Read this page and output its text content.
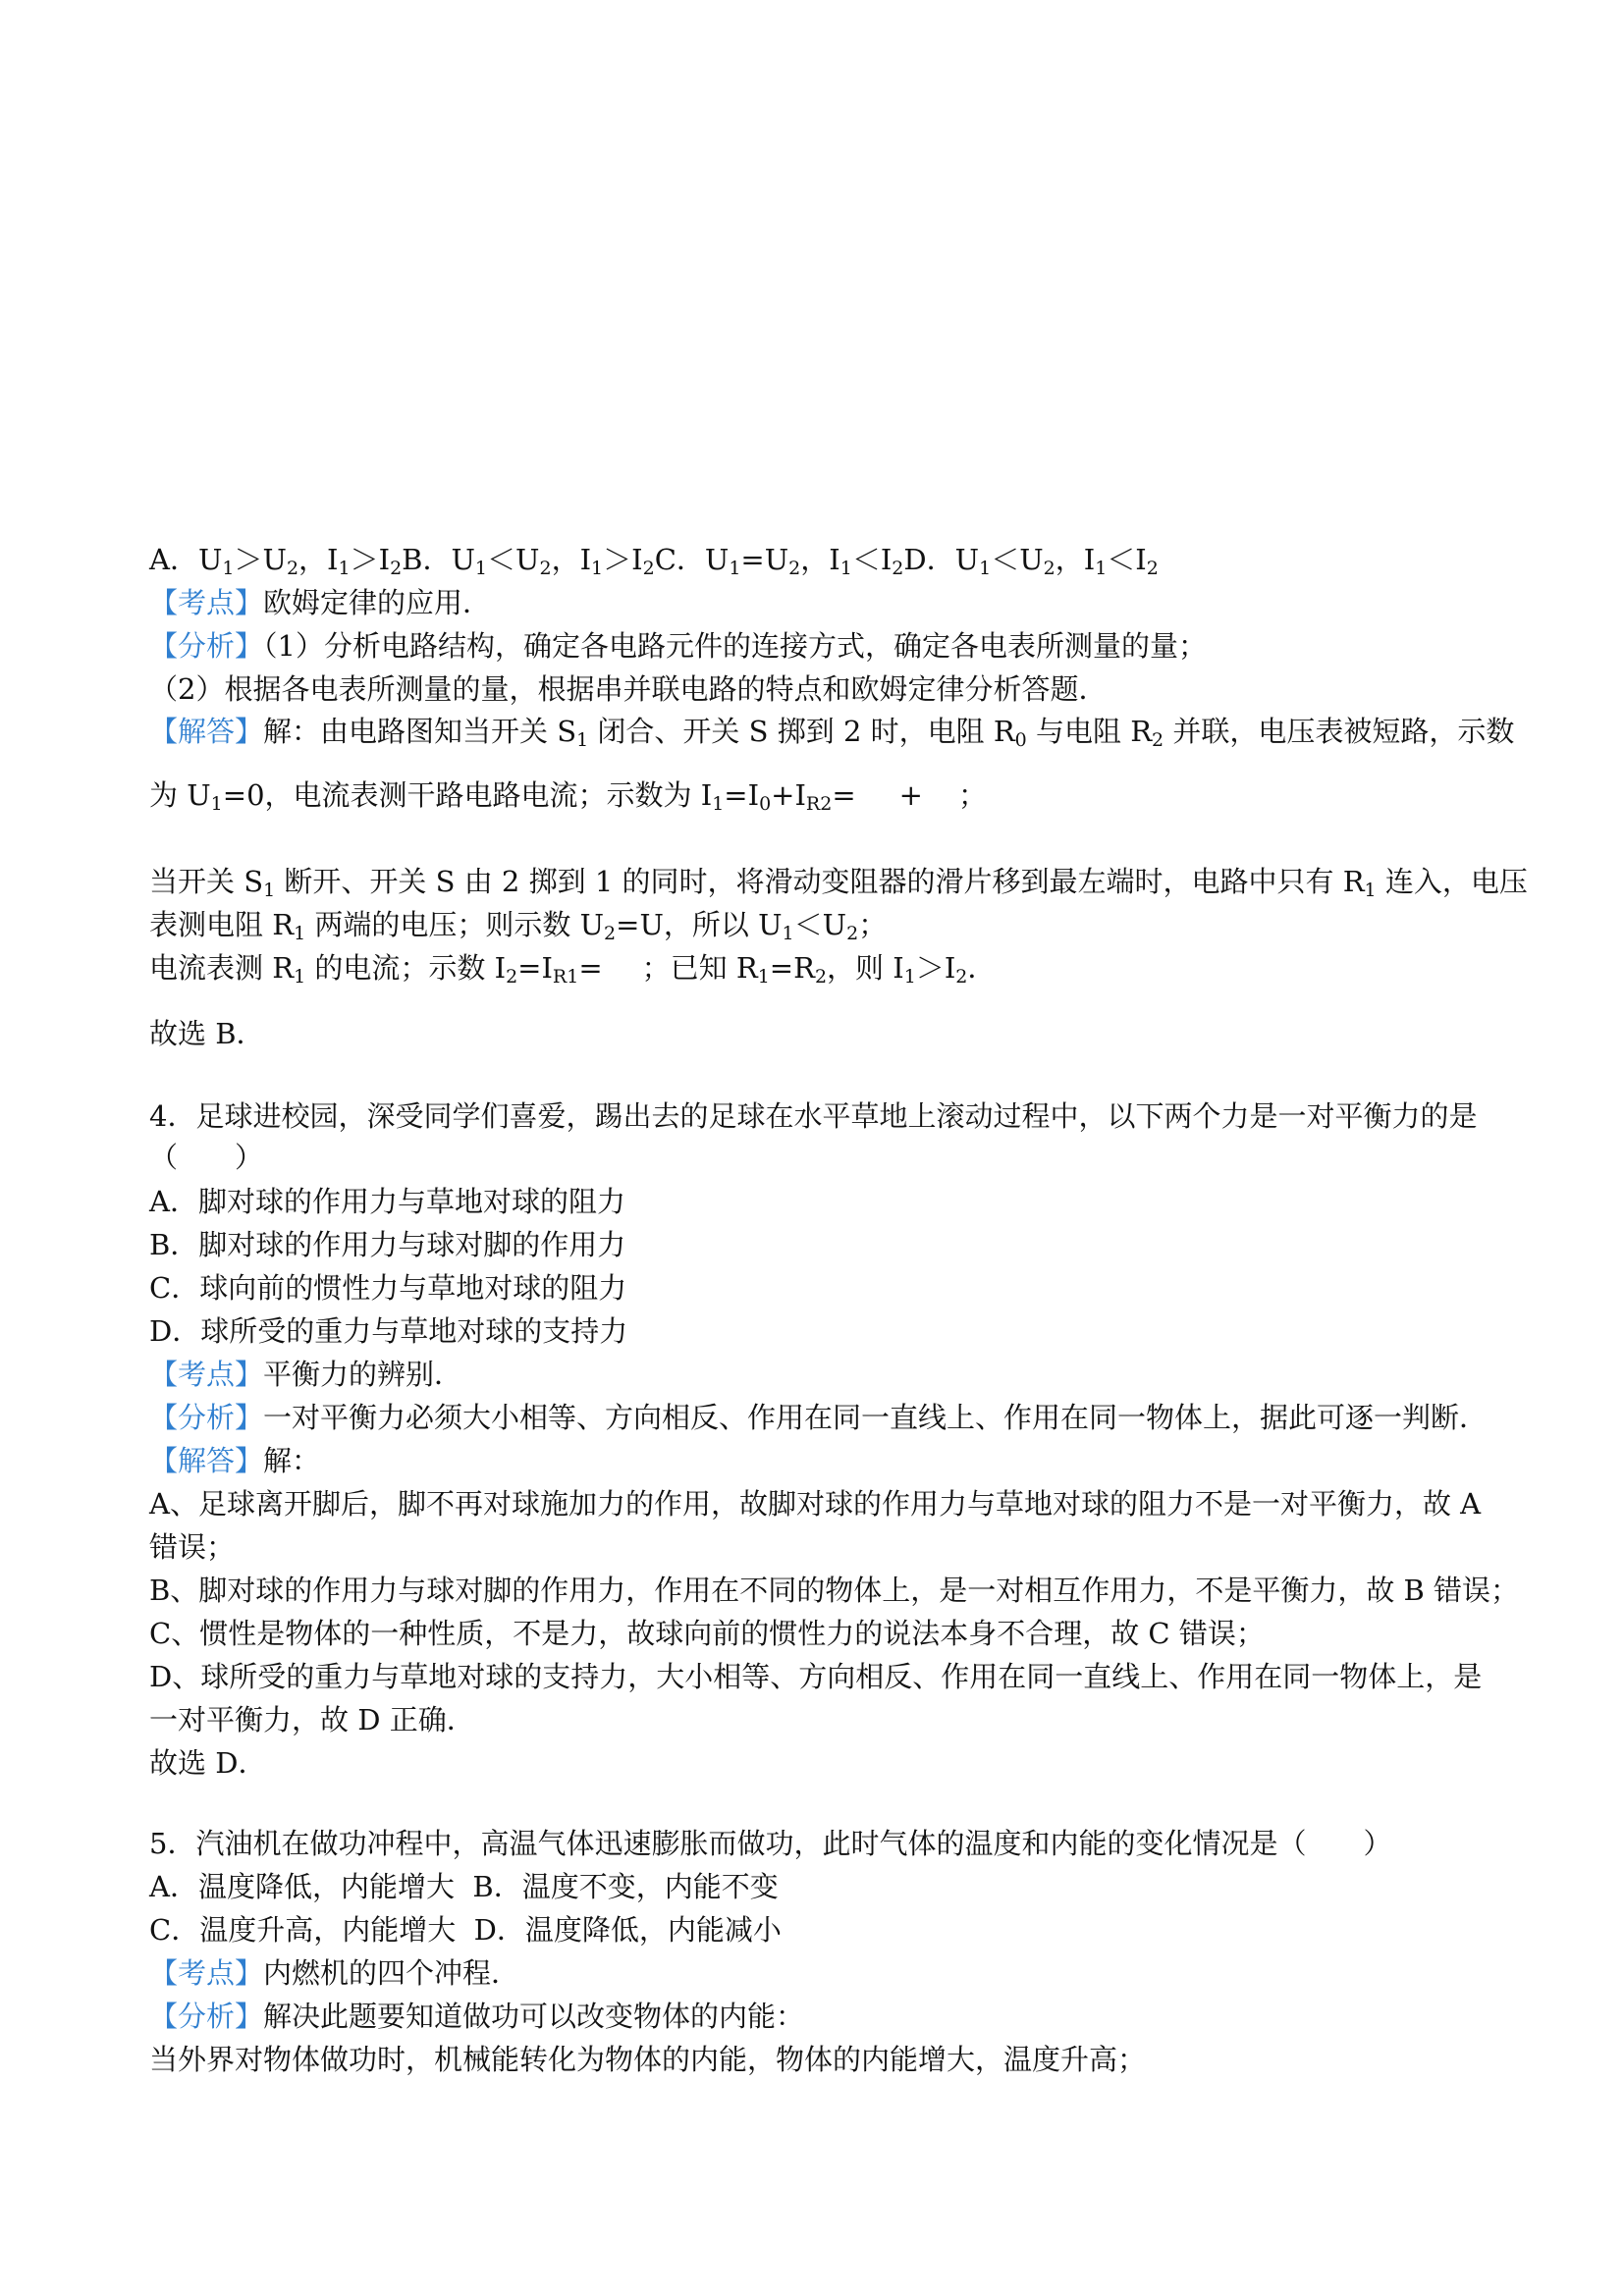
A．$U_1>U_2$，$I_1>I_2B$．$U_1<U_2$，$I_1>I_2C$．$U_1=U_2$，$I_1<I_2D$．$U_1<U_2$，$I_1<I_2$
【考点】欧姆定律的应用．
【分析】（1）分析电路结构，确定各电路元件的连接方式，确定各电表所测量的量；
（2）根据各电表所测量的量，根据串并联电路的特点和欧姆定律分析答题．
【解答】解：由电路图知当开关 $S_1$ 闭合、开关 S 掷到 2 时，电阻 $R_0$ 与电阻 $R_2$ 并联，电压表被短路，示数
为 $U_1=0$，电流表测干路电路电流；示数为 $I_1=I_0+I_{R2}=$ + ；
当开关 $S_1$ 断开、开关 S 由 2 掷到 1 的同时，将滑动变阻器的滑片移到最左端时，电路中只有 $R_1$ 连入，电压
表测电阻 $R_1$ 两端的电压；则示数 $U_2=U$，所以 $U_1<U_2$；
电流表测 $R_1$ 的电流；示数 $I_2=I_{R1}=$ ；已知 $R_1=R_2$，则 $I_1>I_2$．
故选 B．
4．足球进校园，深受同学们喜爱，踢出去的足球在水平草地上滚动过程中，以下两个力是一对平衡力的是
（　　）
A．脚对球的作用力与草地对球的阻力
B．脚对球的作用力与球对脚的作用力
C．球向前的惯性力与草地对球的阻力
D．球所受的重力与草地对球的支持力
【考点】平衡力的辨别．
【分析】一对平衡力必须大小相等、方向相反、作用在同一直线上、作用在同一物体上，据此可逐一判断．
【解答】解：
A、足球离开脚后，脚不再对球施加力的作用，故脚对球的作用力与草地对球的阻力不是一对平衡力，故 A
错误；
B、脚对球的作用力与球对脚的作用力，作用在不同的物体上，是一对相互作用力，不是平衡力，故 B 错误；
C、惯性是物体的一种性质，不是力，故球向前的惯性力的说法本身不合理，故 C 错误；
D、球所受的重力与草地对球的支持力，大小相等、方向相反、作用在同一直线上、作用在同一物体上，是
一对平衡力，故 D 正确．
故选 D．
5．汽油机在做功冲程中，高温气体迅速膨胀而做功，此时气体的温度和内能的变化情况是（　　）
A．温度降低，内能增大  B．温度不变，内能不变
C．温度升高，内能增大  D．温度降低，内能减小
【考点】内燃机的四个冲程．
【分析】解决此题要知道做功可以改变物体的内能：
当外界对物体做功时，机械能转化为物体的内能，物体的内能增大，温度升高；
